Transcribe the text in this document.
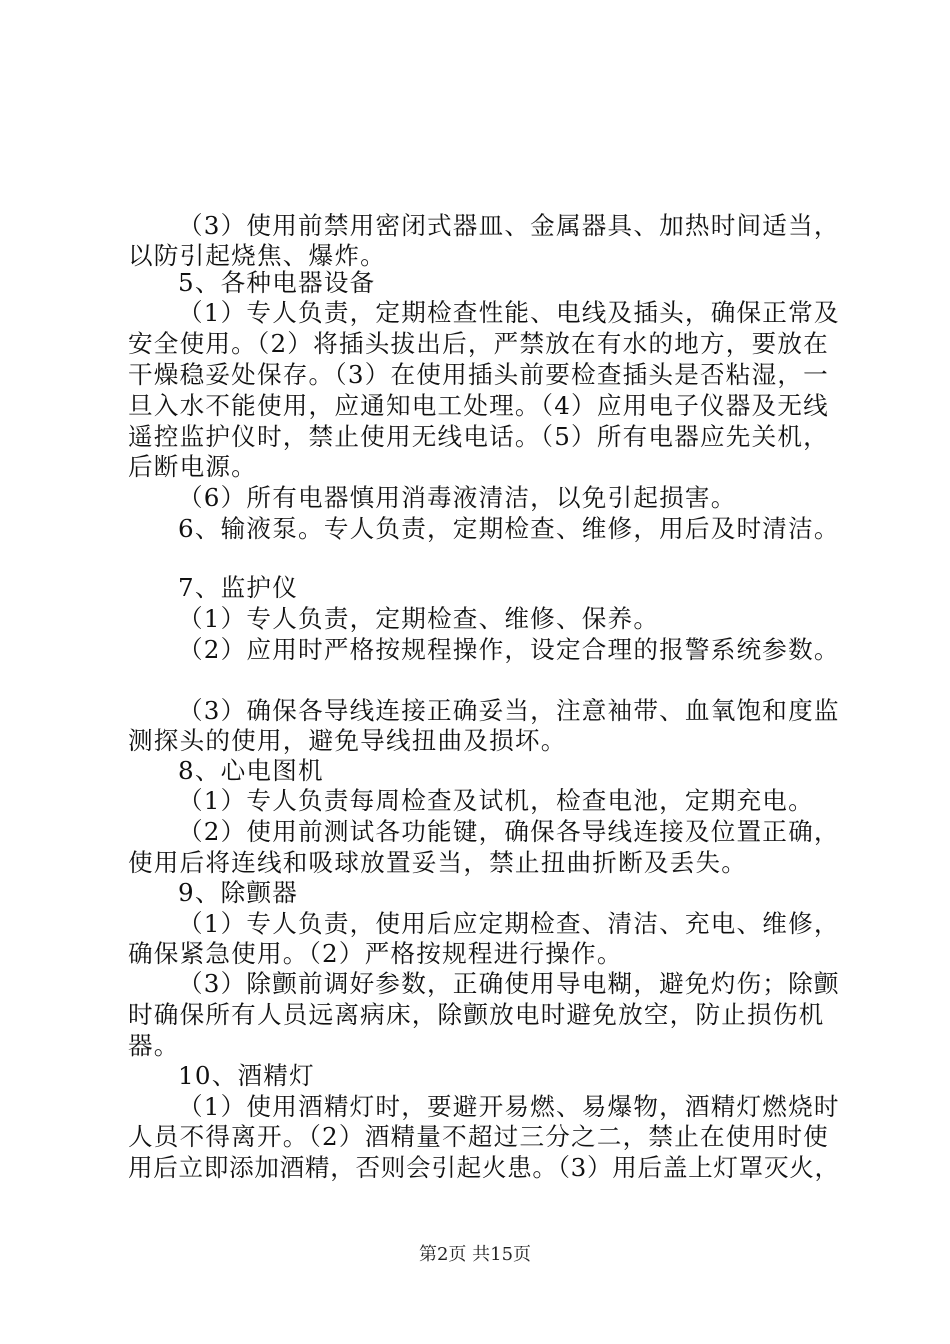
（3）使用前禁用密闭式器皿、金属器具、加热时间适当，
以防引起烧焦、爆炸。
5、各种电器设备
（1）专人负责，定期检查性能、电线及插头，确保正常及
安全使用。（2）将插头拔出后，严禁放在有水的地方，要放在
干燥稳妥处保存。（3）在使用插头前要检查插头是否粘湿，一
旦入水不能使用，应通知电工处理。（4）应用电子仪器及无线
遥控监护仪时，禁止使用无线电话。（5）所有电器应先关机，
后断电源。
（6）所有电器慎用消毒液清洁，以免引起损害。
6、输液泵。专人负责，定期检查、维修，用后及时清洁。
7、监护仪
（1）专人负责，定期检查、维修、保养。
（2）应用时严格按规程操作，设定合理的报警系统参数。
（3）确保各导线连接正确妥当，注意袖带、血氧饱和度监
测探头的使用，避免导线扭曲及损坏。
8、心电图机
（1）专人负责每周检查及试机，检查电池，定期充电。
（2）使用前测试各功能键，确保各导线连接及位置正确，
使用后将连线和吸球放置妥当，禁止扭曲折断及丢失。
9、除颤器
（1）专人负责，使用后应定期检查、清洁、充电、维修，
确保紧急使用。（2）严格按规程进行操作。
（3）除颤前调好参数，正确使用导电糊，避免灼伤；除颤
时确保所有人员远离病床，除颤放电时避免放空，防止损伤机
器。
10、酒精灯
（1）使用酒精灯时，要避开易燃、易爆物，酒精灯燃烧时
人员不得离开。（2）酒精量不超过三分之二，禁止在使用时使
用后立即添加酒精，否则会引起火患。（3）用后盖上灯罩灭火，
第2页 共15页
